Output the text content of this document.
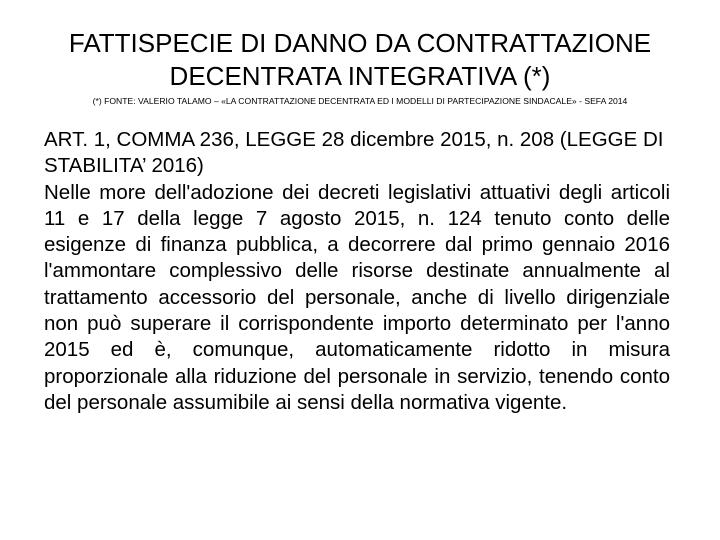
FATTISPECIE DI DANNO DA CONTRATTAZIONE
DECENTRATA INTEGRATIVA (*)

(*) FONTE: VALERIO TALAMO – «LA CONTRATTAZIONE DECENTRATA ED I MODELLI DI PARTECIPAZIONE SINDACALE» - SEFA 2014

ART. 1, COMMA 236, LEGGE 28 dicembre 2015, n. 208 (LEGGE DI STABILITA’ 2016)

Nelle more dell'adozione dei decreti legislativi attuativi degli articoli 11 e 17 della legge 7 agosto 2015, n. 124 tenuto conto delle esigenze di finanza pubblica, a decorrere dal primo gennaio 2016 l'ammontare complessivo delle risorse destinate annualmente al trattamento accessorio del personale, anche di livello dirigenziale non può superare il corrispondente importo determinato per l'anno 2015 ed è, comunque, automaticamente ridotto in misura proporzionale alla riduzione del personale in servizio, tenendo conto del personale assumibile ai sensi della normativa vigente.
